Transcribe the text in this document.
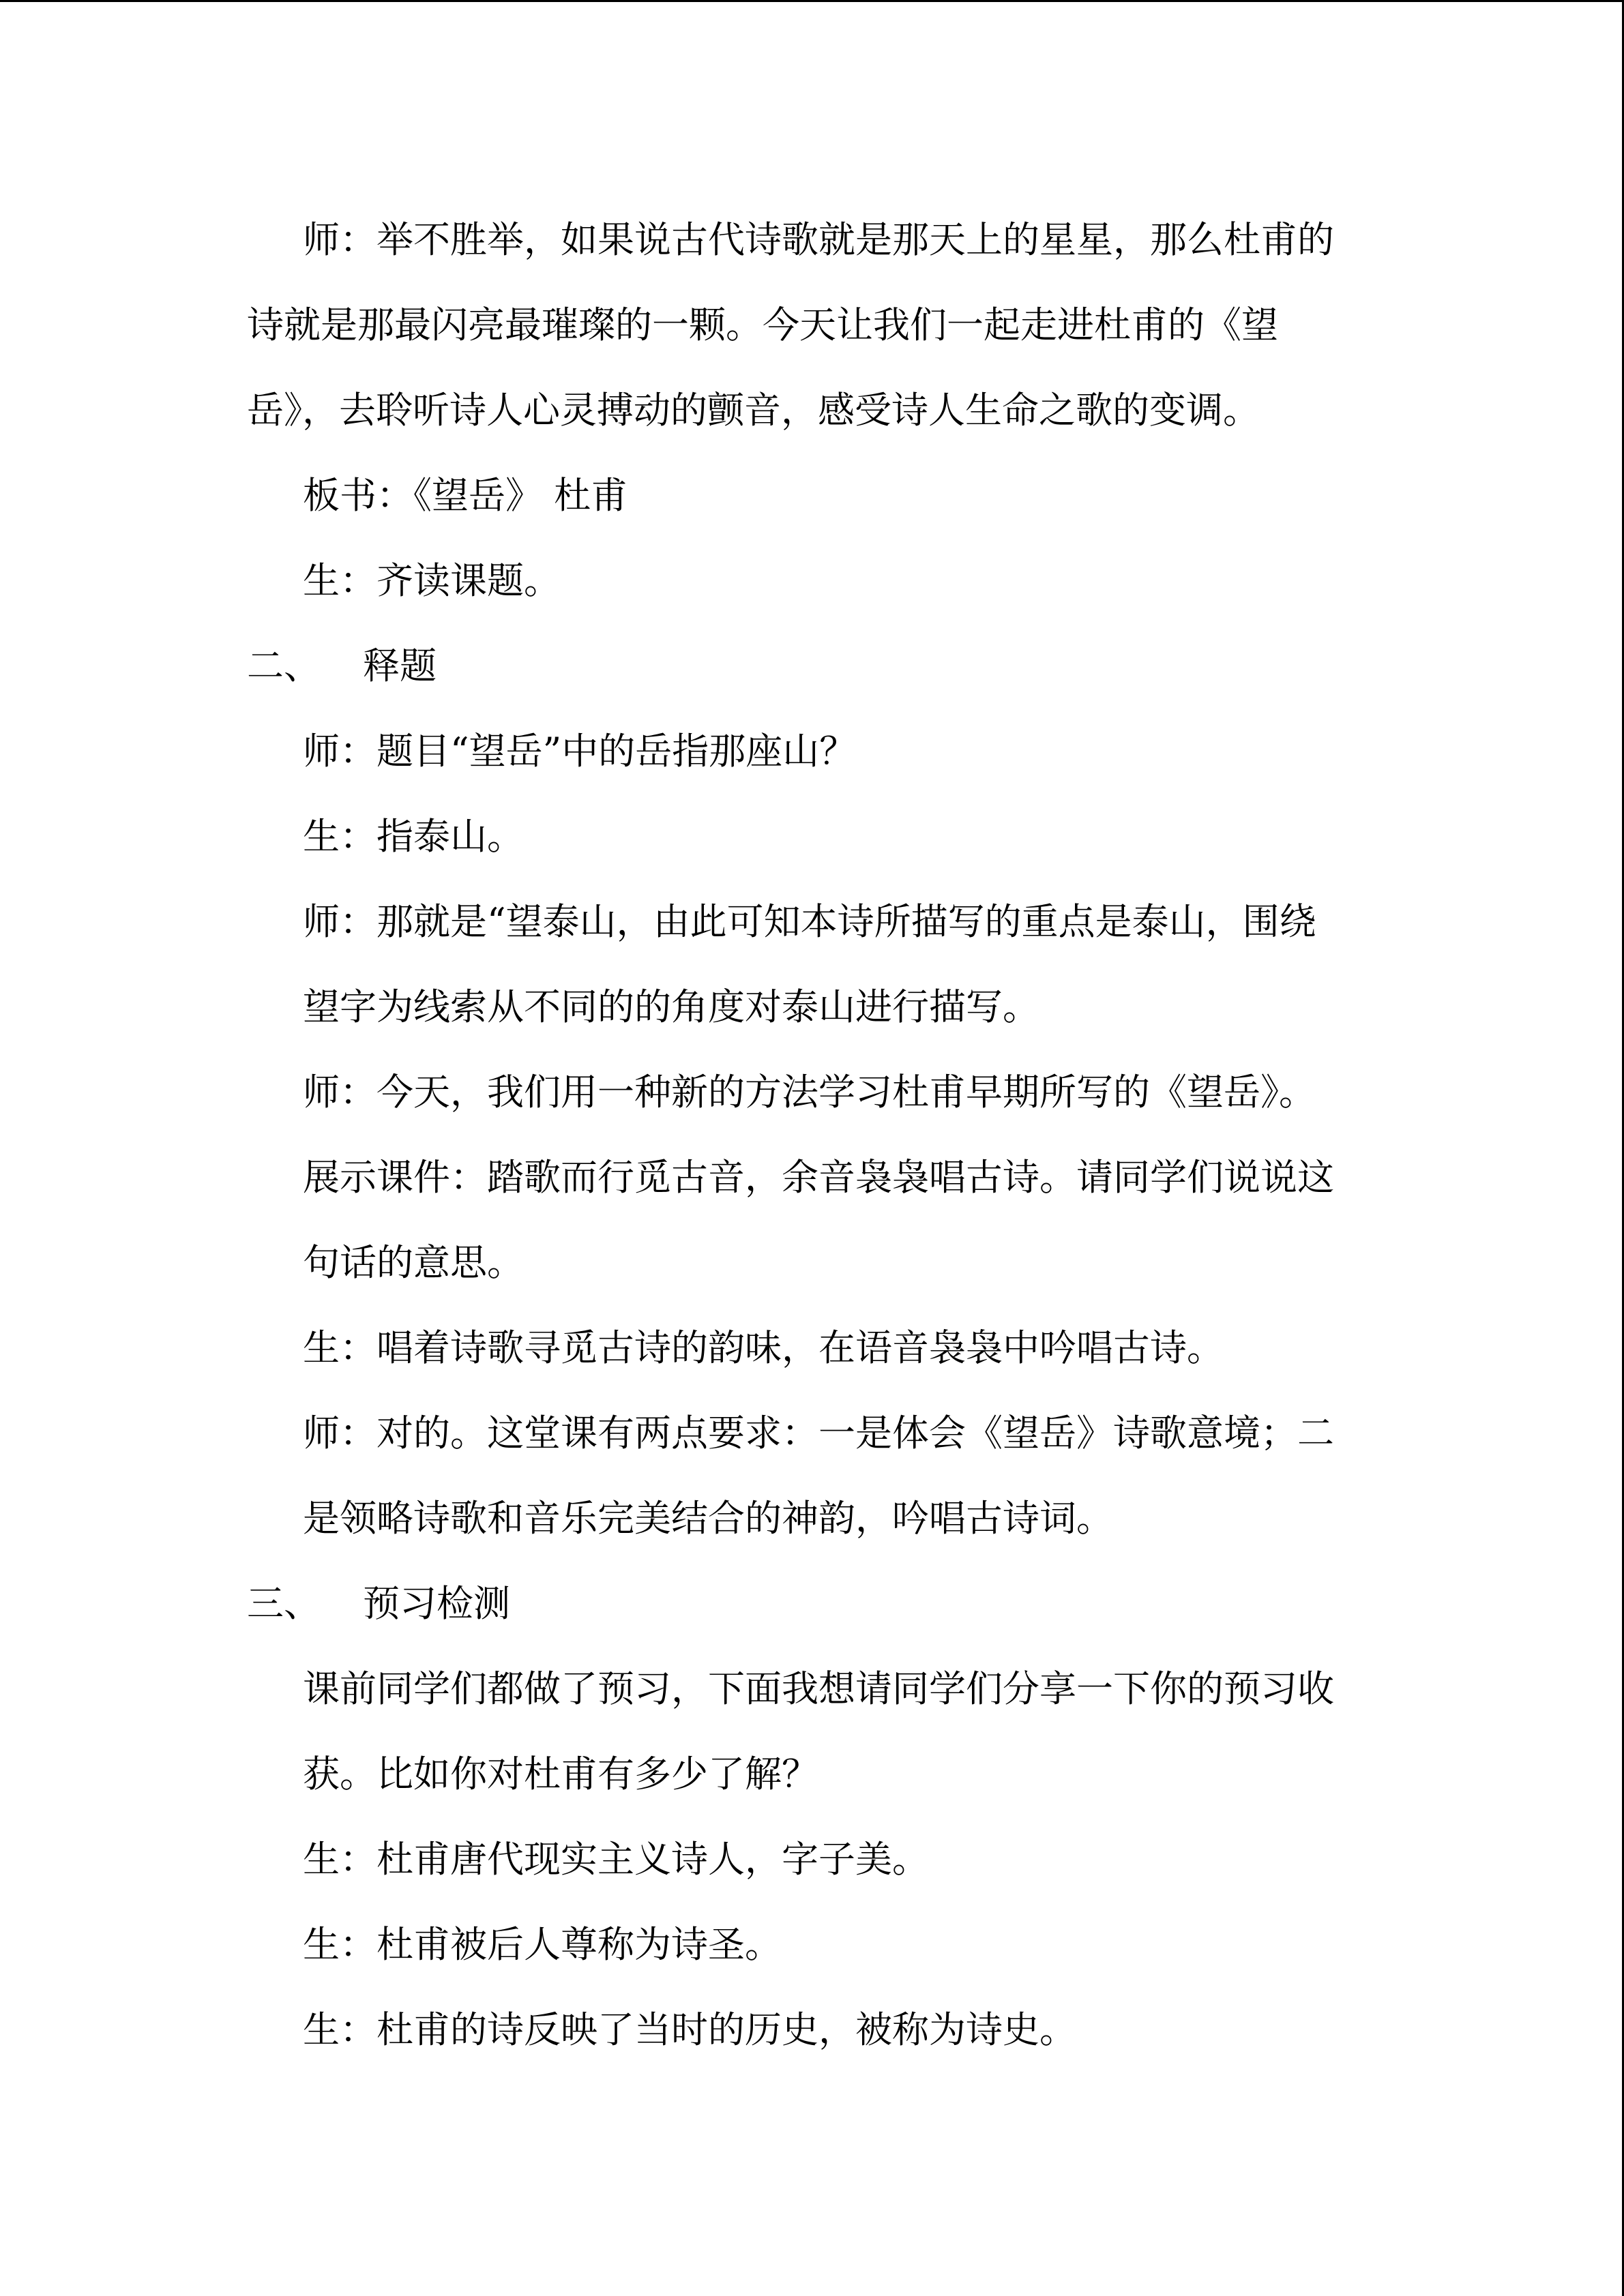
师：举不胜举，如果说古代诗歌就是那天上的星星，那么杜甫的
诗就是那最闪亮最璀璨的一颗。今天让我们一起走进杜甫的《望
岳》，去聆听诗人心灵搏动的颤音，感受诗人生命之歌的变调。
板书：《望岳》 杜甫
生：齐读课题。
二、 释题
师：题目“望岳”中的岳指那座山？
生：指泰山。
师：那就是“望泰山，由此可知本诗所描写的重点是泰山，围绕
望字为线索从不同的的角度对泰山进行描写。
师：今天，我们用一种新的方法学习杜甫早期所写的《望岳》。
展示课件：踏歌而行觅古音，余音袅袅唱古诗。请同学们说说这
句话的意思。
生：唱着诗歌寻觅古诗的韵味，在语音袅袅中吟唱古诗。
师：对的。这堂课有两点要求：一是体会《望岳》诗歌意境；二
是领略诗歌和音乐完美结合的神韵，吟唱古诗词。
三、 预习检测
课前同学们都做了预习，下面我想请同学们分享一下你的预习收
获。比如你对杜甫有多少了解？
生：杜甫唐代现实主义诗人，字子美。
生：杜甫被后人尊称为诗圣。
生：杜甫的诗反映了当时的历史，被称为诗史。
